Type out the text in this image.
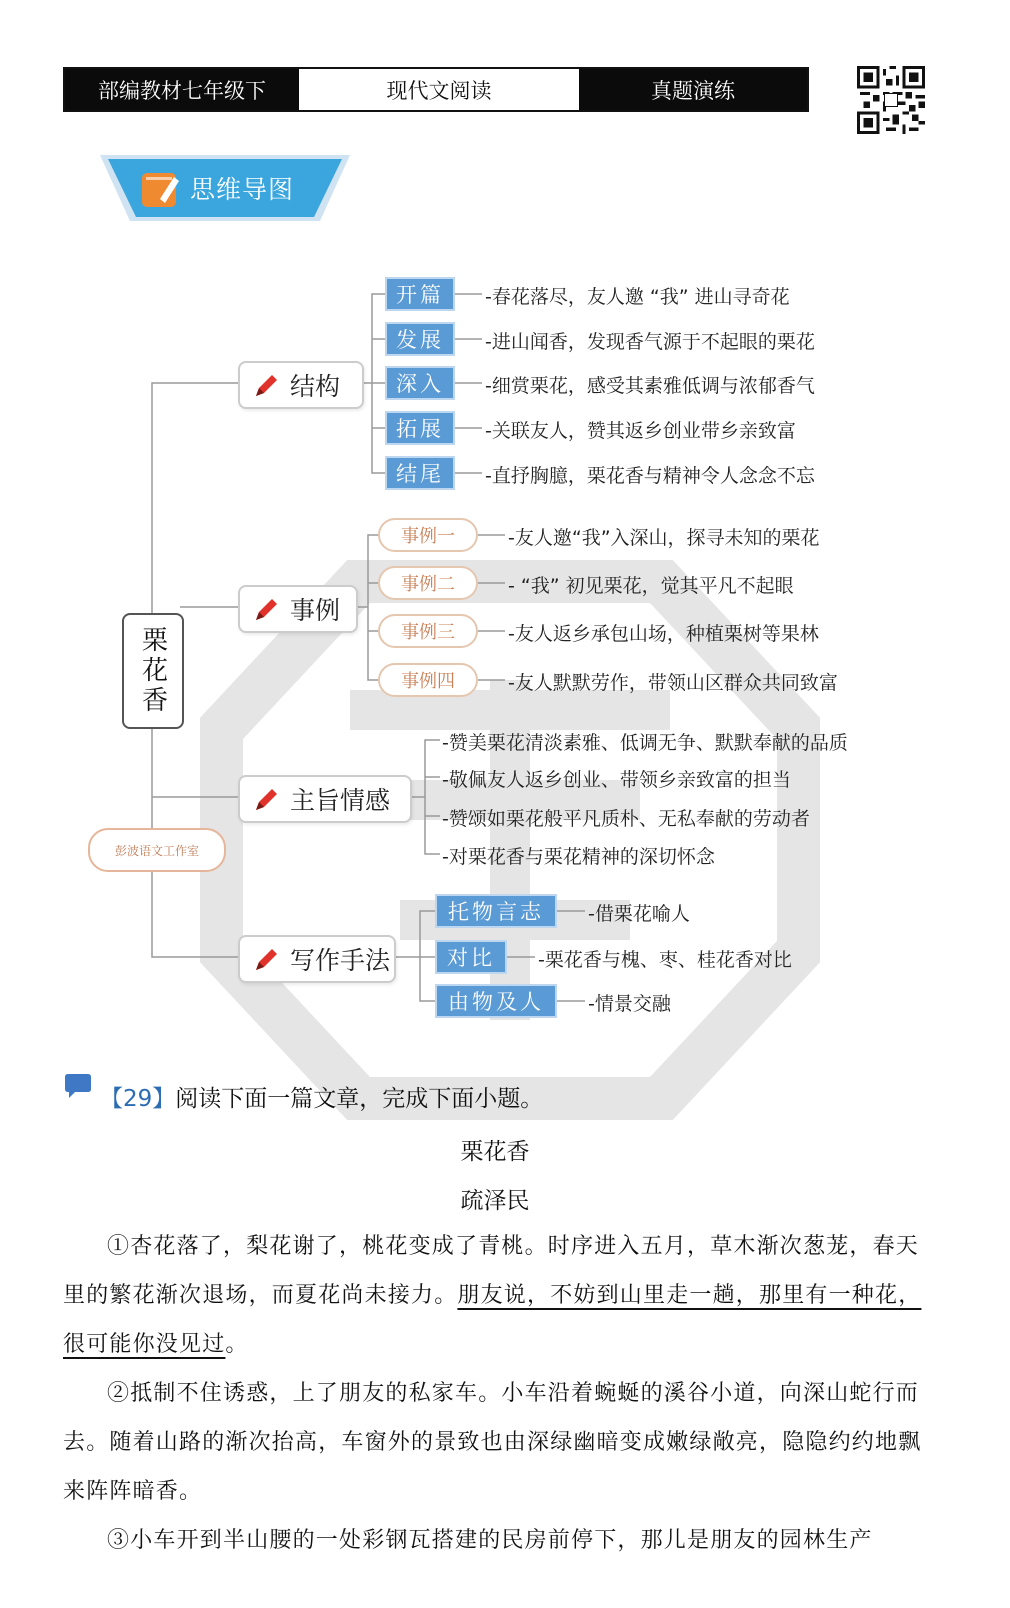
部编教材七年级下	现代文阅读	真题演练
思维导图
栗花香
彭波语文工作室
结构
开篇
发展
深入
拓展
结尾
-春花落尽，友人邀 “我” 进山寻奇花
-进山闻香，发现香气源于不起眼的栗花
-细赏栗花，感受其素雅低调与浓郁香气
-关联友人，赞其返乡创业带乡亲致富
-直抒胸臆，栗花香与精神令人念念不忘
事例
事例一
事例二
事例三
事例四
-友人邀“我”入深山，探寻未知的栗花
- “我” 初见栗花，觉其平凡不起眼
-友人返乡承包山场，种植栗树等果林
-友人默默劳作，带领山区群众共同致富
主旨情感
-赞美栗花清淡素雅、低调无争、默默奉献的品质
-敬佩友人返乡创业、带领乡亲致富的担当
-赞颂如栗花般平凡质朴、无私奉献的劳动者
-对栗花香与栗花精神的深切怀念
写作手法
托物言志
对比
由物及人
-借栗花喻人
-栗花香与槐、枣、桂花香对比
-情景交融
【29】阅读下面一篇文章，完成下面小题。
栗花香
疏泽民
①杏花落了，梨花谢了，桃花变成了青桃。时序进入五月，草木渐次葱茏，春天里的繁花渐次退场，而夏花尚未接力。朋友说，不妨到山里走一趟，那里有一种花，很可能你没见过。
②抵制不住诱惑，上了朋友的私家车。小车沿着蜿蜒的溪谷小道，向深山蛇行而去。随着山路的渐次抬高，车窗外的景致也由深绿幽暗变成嫩绿敞亮，隐隐约约地飘来阵阵暗香。
③小车开到半山腰的一处彩钢瓦搭建的民房前停下，那儿是朋友的园林生产
